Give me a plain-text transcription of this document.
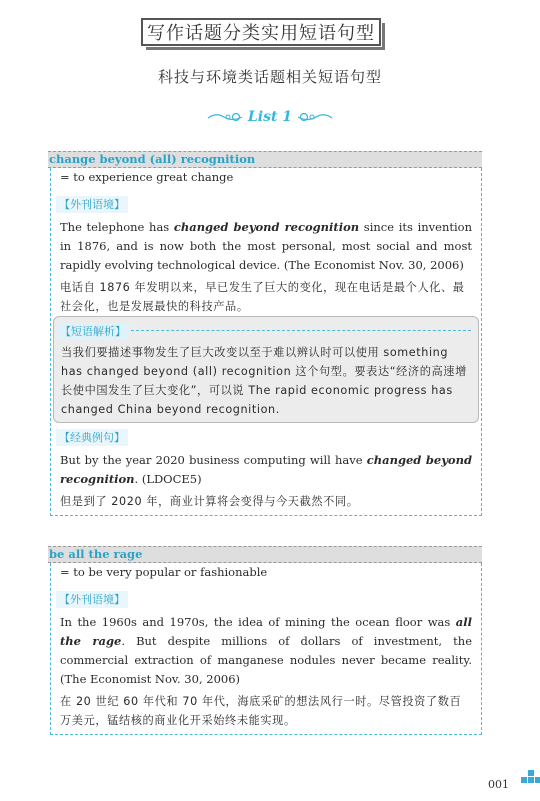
写作话题分类实用短语句型
科技与环境类话题相关短语句型
List 1
change beyond (all) recognition
= to experience great change
【外刊语境】

The telephone has changed beyond recognition since its invention in 1876, and is now both the most personal, most social and most rapidly evolving technological device. (The Economist Nov. 30, 2006)

电话自 1876 年发明以来，早已发生了巨大的变化，现在电话是最个人化、最社会化，也是发展最快的科技产品。

【短语解析】

当我们要描述事物发生了巨大改变以至于难以辨认时可以使用 something has changed beyond (all) recognition 这个句型。要表达“经济的高速增长使中国发生了巨大变化”，可以说 The rapid economic progress has changed China beyond recognition.

【经典例句】

But by the year 2020 business computing will have changed beyond recognition. (LDOCE5)

但是到了 2020 年，商业计算将会变得与今天截然不同。

be all the rage
= to be very popular or fashionable
【外刊语境】

In the 1960s and 1970s, the idea of mining the ocean floor was all the rage. But despite millions of dollars of investment, the commercial extraction of manganese nodules never became reality. (The Economist Nov. 30, 2006)

在 20 世纪 60 年代和 70 年代，海底采矿的想法风行一时。尽管投资了数百万美元，锰结核的商业化开采始终未能实现。

001
